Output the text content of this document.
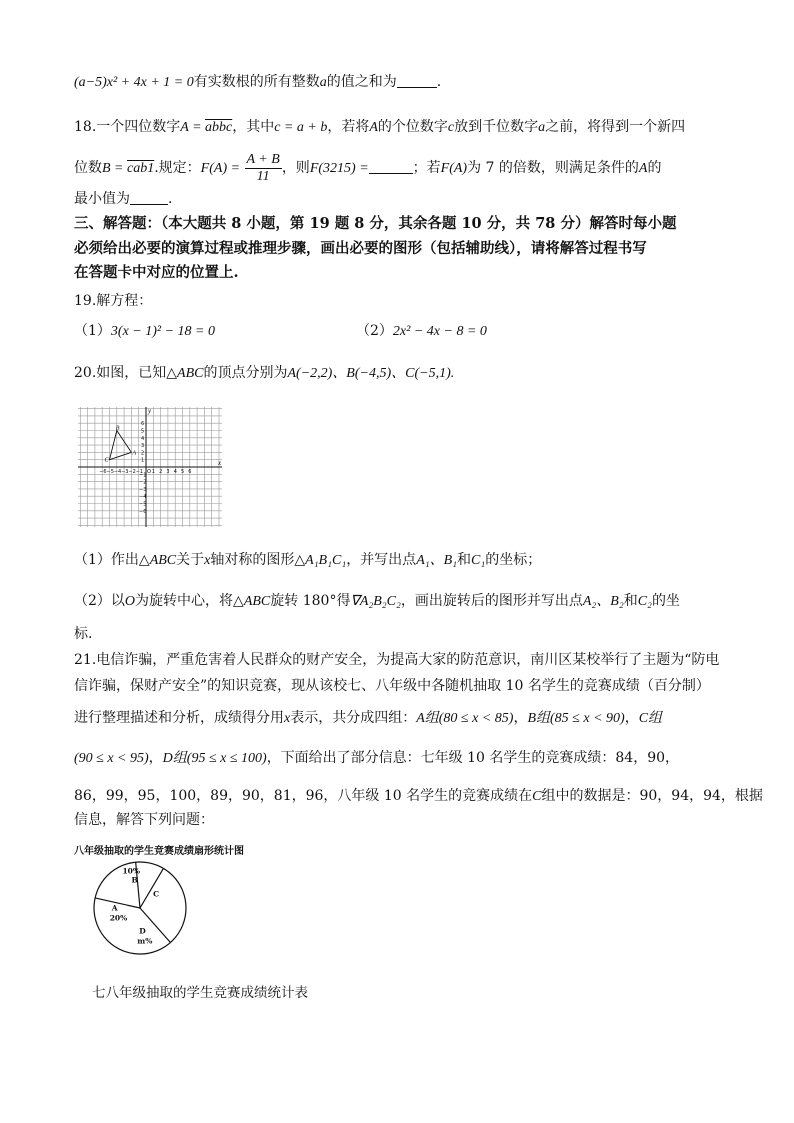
(a−5)x² + 4x + 1 = 0有实数根的所有整数a的值之和为	.
18.一个四位数字A = abbc，其中c = a + b，若将A的个位数字c放到千位数字a之前，将得到一个新四
位数B = cab1.规定：$F(A) = \frac{A + B}{11}$ ，则F(3215) =	；若F(A)为 7 的倍数，则满足条件的A的
最小值为	.
三、解答题：（本大题共 8 小题，第 19 题 8 分，其余各题 10 分，共 78 分）解答时每小题
必须给出必要的演算过程或推理步骤，画出必要的图形（包括辅助线），请将解答过程书写
在答题卡中对应的位置上.
19.解方程：
（1）3(x − 1)² − 18 = 0	（2）2x² − 4x − 8 = 0
20.如图，已知△ABC的顶点分别为A(−2,2)、B(−4,5)、C(−5,1).
−6 −5 −4 −3 −2 −1 1 2 3 4 5 6
1
2
3
4
5
6
−1
−2
−3
−4
−5
−6
A
B
C	x
y
O
（1）作出△ABC关于x轴对称的图形△A₁B₁C₁，并写出点A₁、B₁和C₁的坐标；
（2）以O为旋转中心，将△ABC旋转 180°得∇A₂B₂C₂，画出旋转后的图形并写出点A₂、B₂和C₂的坐
标.
21.电信诈骗，严重危害着人民群众的财产安全，为提高大家的防范意识，南川区某校举行了主题为“防电
信诈骗，保财产安全”的知识竞赛，现从该校七、八年级中各随机抽取 10 名学生的竞赛成绩（百分制）
进行整理描述和分析，成绩得分用x表示，共分成四组：A组(80 ≤ x < 85)，B组(85 ≤ x < 90)，C组
(90 ≤ x < 95)，D组(95 ≤ x ≤ 100)，下面给出了部分信息：七年级 10 名学生的竞赛成绩：84，90，
86，99，95，100，89，90，81，96，八年级 10 名学生的竞赛成绩在C组中的数据是：90，94，94，根据
信息，解答下列问题：
八年级抽取的学生竞赛成绩扇形统计图
A
20%
B
10%
C
D
m%
七八年级抽取的学生竞赛成绩统计表
